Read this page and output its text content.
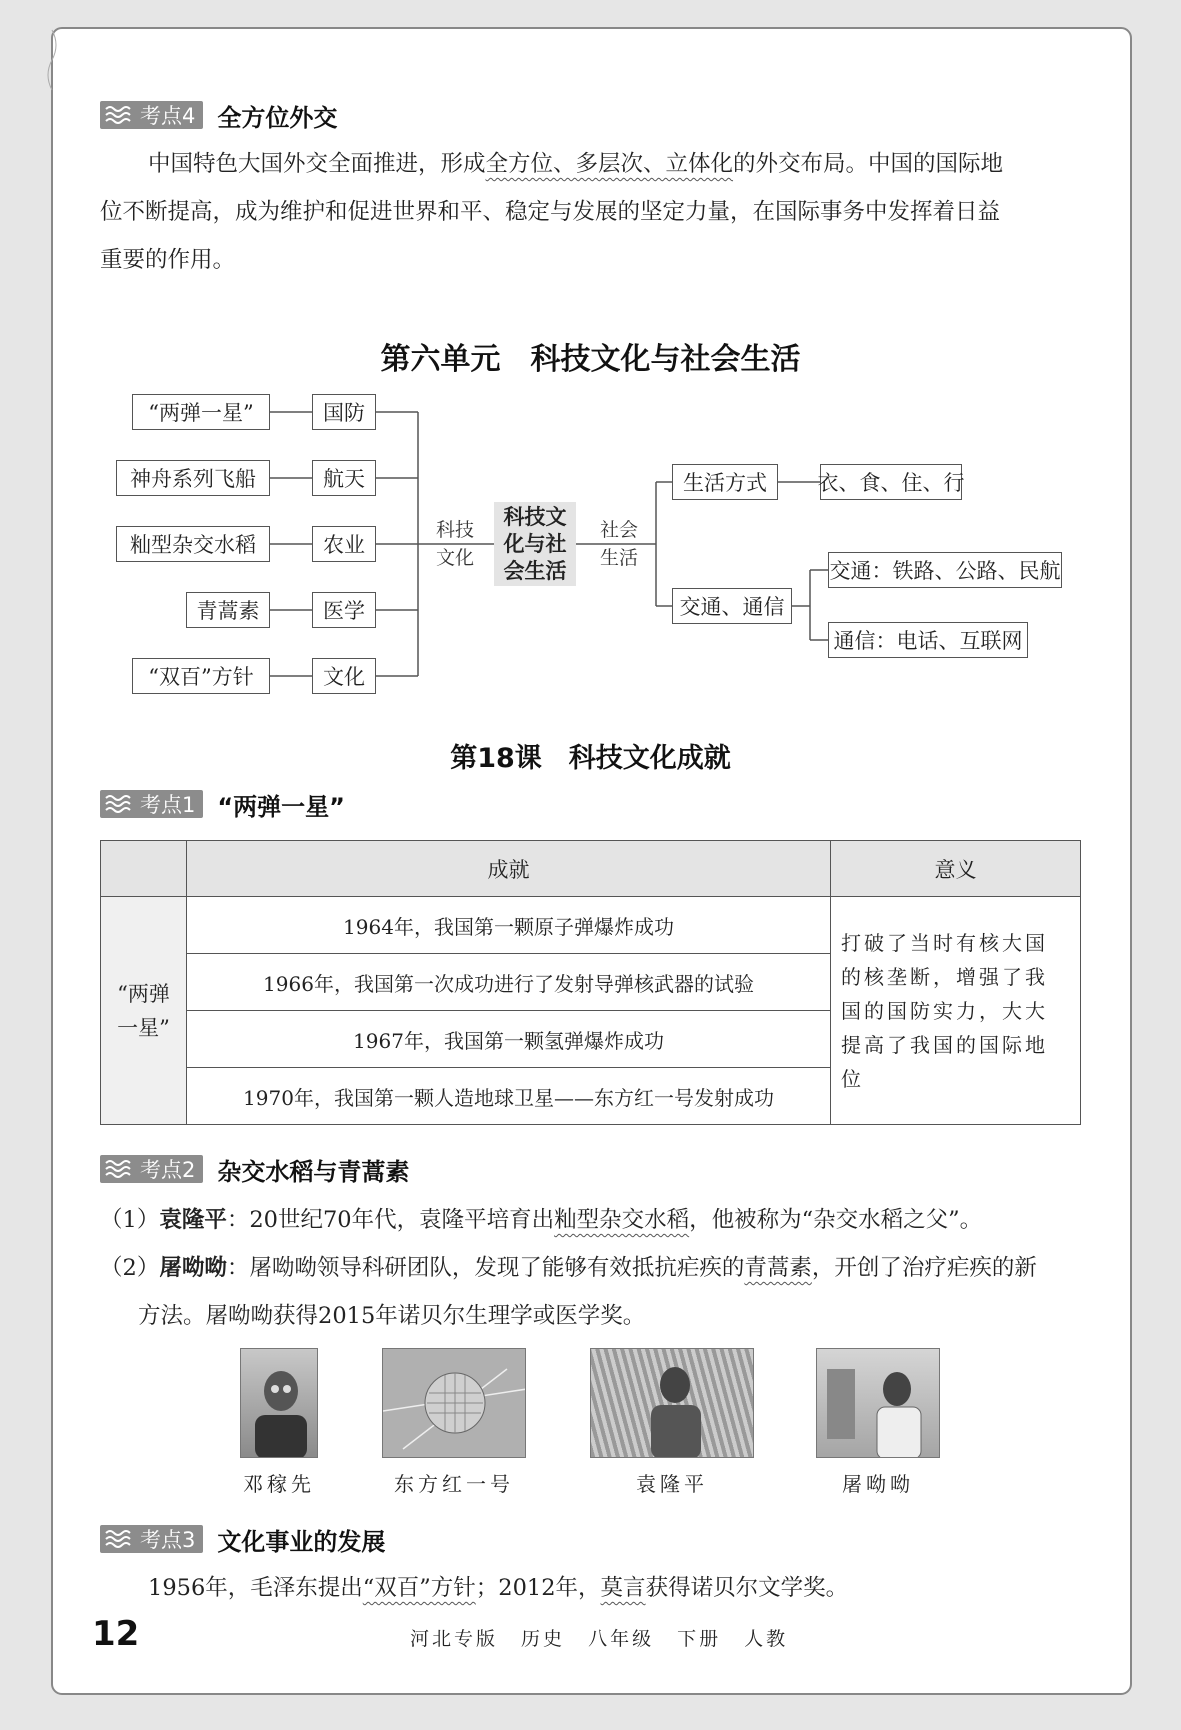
考点4 全方位外交
中国特色大国外交全面推进，形成全方位、多层次、立体化的外交布局。中国的国际地
位不断提高，成为维护和促进世界和平、稳定与发展的坚定力量，在国际事务中发挥着日益
重要的作用。
第六单元　科技文化与社会生活
“两弹一星”
神舟系列飞船
籼型杂交水稻
青蒿素
“双百”方针
国防
航天
农业
医学
文化
科技
文化
科技文
化与社
会生活
社会
生活
生活方式	衣、食、住、行
交通、通信
交通：铁路、公路、民航
通信：电话、互联网
第18课　科技文化成就
考点1 “两弹一星”
	成就	意义
“两弹
一星”	1964年，我国第一颗原子弹爆炸成功	打破了当时有核大国的核垄断，增强了我国的国防实力，大大提高了我国的国际地位
	1966年，我国第一次成功进行了发射导弹核武器的试验	
	1967年，我国第一颗氢弹爆炸成功	
	1970年，我国第一颗人造地球卫星——东方红一号发射成功	
考点2 杂交水稻与青蒿素
（1）袁隆平：20世纪70年代，袁隆平培育出籼型杂交水稻，他被称为“杂交水稻之父”。
（2）屠呦呦：屠呦呦领导科研团队，发现了能够有效抵抗疟疾的青蒿素，开创了治疗疟疾的新
方法。屠呦呦获得2015年诺贝尔生理学或医学奖。
邓稼先	东方红一号	袁隆平	屠呦呦
考点3 文化事业的发展
1956年，毛泽东提出“双百”方针；2012年，莫言获得诺贝尔文学奖。
12	河北专版 历史 八年级 下册 人教
